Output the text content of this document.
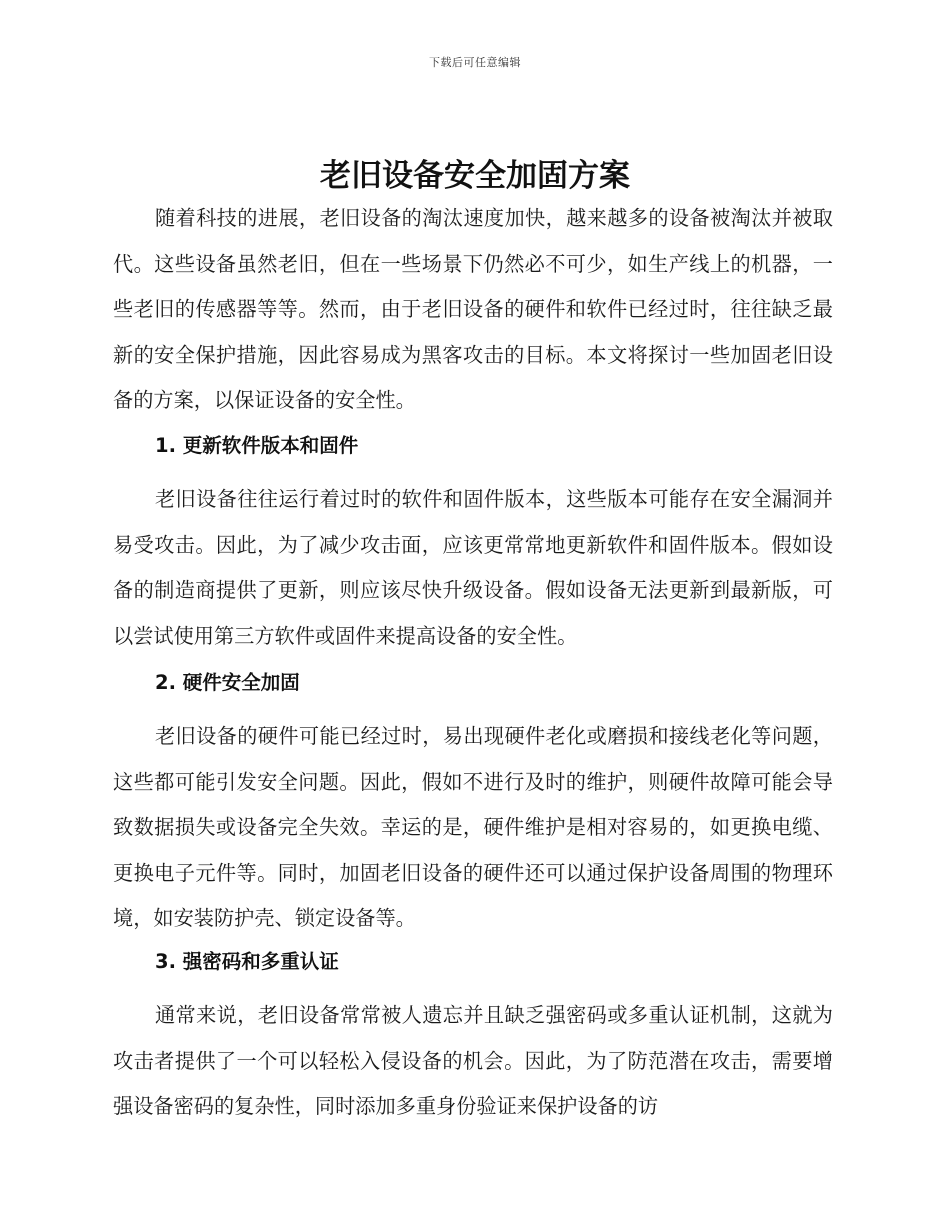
下载后可任意编辑
老旧设备安全加固方案

随着科技的进展，老旧设备的淘汰速度加快，越来越多的设备被淘汰并被取代。这些设备虽然老旧，但在一些场景下仍然必不可少，如生产线上的机器，一些老旧的传感器等等。然而，由于老旧设备的硬件和软件已经过时，往往缺乏最新的安全保护措施，因此容易成为黑客攻击的目标。本文将探讨一些加固老旧设备的方案，以保证设备的安全性。

1. 更新软件版本和固件

老旧设备往往运行着过时的软件和固件版本，这些版本可能存在安全漏洞并易受攻击。因此，为了减少攻击面，应该更常常地更新软件和固件版本。假如设备的制造商提供了更新，则应该尽快升级设备。假如设备无法更新到最新版，可以尝试使用第三方软件或固件来提高设备的安全性。

2. 硬件安全加固

老旧设备的硬件可能已经过时，易出现硬件老化或磨损和接线老化等问题，这些都可能引发安全问题。因此，假如不进行及时的维护，则硬件故障可能会导致数据损失或设备完全失效。幸运的是，硬件维护是相对容易的，如更换电缆、更换电子元件等。同时，加固老旧设备的硬件还可以通过保护设备周围的物理环境，如安装防护壳、锁定设备等。

3. 强密码和多重认证

通常来说，老旧设备常常被人遗忘并且缺乏强密码或多重认证机制，这就为攻击者提供了一个可以轻松入侵设备的机会。因此，为了防范潜在攻击，需要增强设备密码的复杂性，同时添加多重身份验证来保护设备的访
